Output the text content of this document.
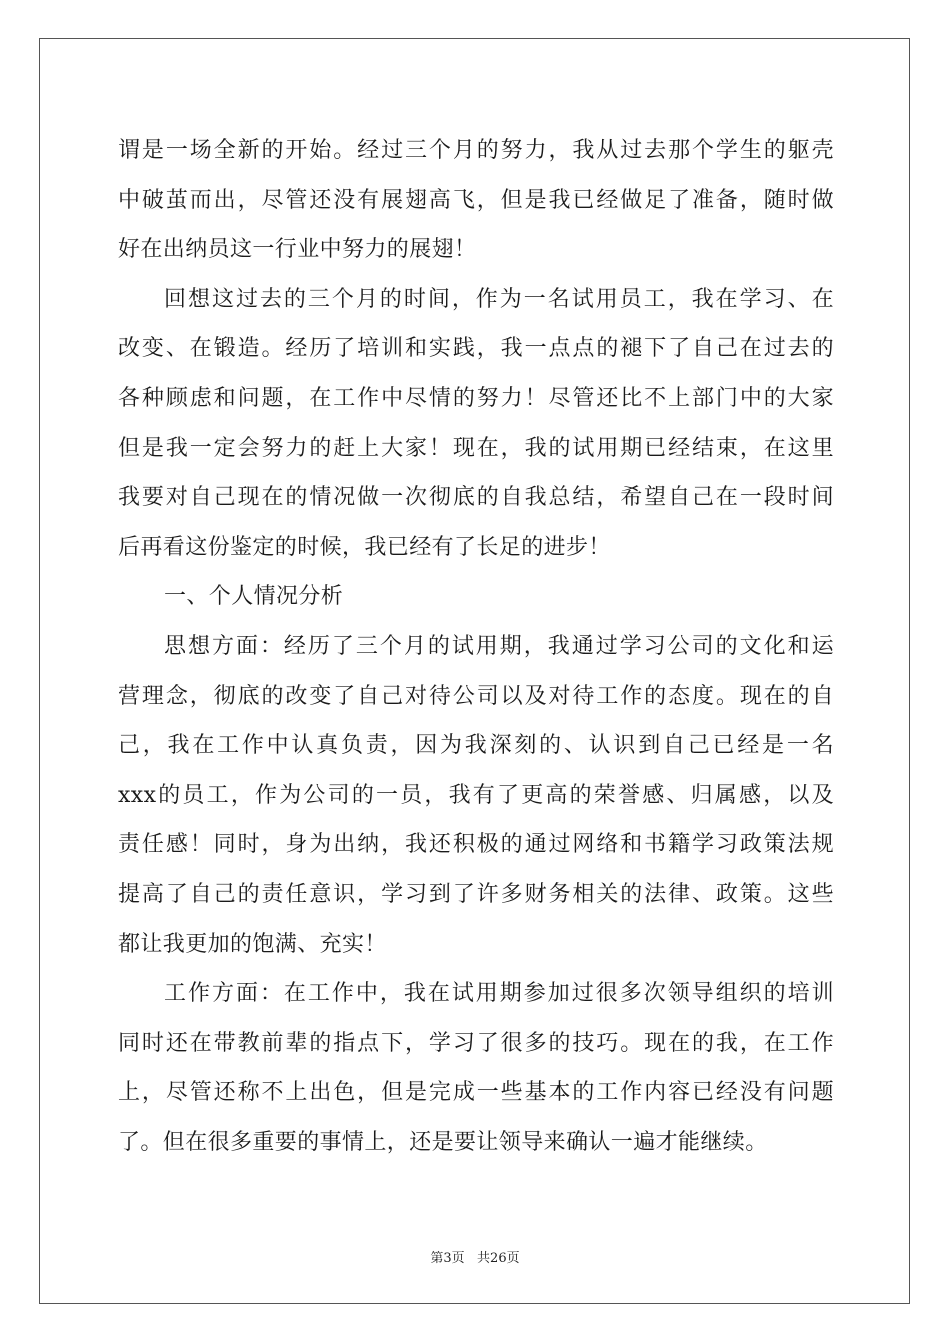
谓是一场全新的开始。经过三个月的努力，我从过去那个学生的躯壳
中破茧而出，尽管还没有展翅高飞，但是我已经做足了准备，随时做
好在出纳员这一行业中努力的展翅！
回想这过去的三个月的时间，作为一名试用员工，我在学习、在
改变、在锻造。经历了培训和实践，我一点点的褪下了自己在过去的
各种顾虑和问题，在工作中尽情的努力！尽管还比不上部门中的大家
但是我一定会努力的赶上大家！现在，我的试用期已经结束，在这里
我要对自己现在的情况做一次彻底的自我总结，希望自己在一段时间
后再看这份鉴定的时候，我已经有了长足的进步！
一、个人情况分析
思想方面：经历了三个月的试用期，我通过学习公司的文化和运
营理念，彻底的改变了自己对待公司以及对待工作的态度。现在的自
己，我在工作中认真负责，因为我深刻的、认识到自己已经是一名
xxx的员工，作为公司的一员，我有了更高的荣誉感、归属感，以及
责任感！同时，身为出纳，我还积极的通过网络和书籍学习政策法规
提高了自己的责任意识，学习到了许多财务相关的法律、政策。这些
都让我更加的饱满、充实！
工作方面：在工作中，我在试用期参加过很多次领导组织的培训
同时还在带教前辈的指点下，学习了很多的技巧。现在的我，在工作
上，尽管还称不上出色，但是完成一些基本的工作内容已经没有问题
了。但在很多重要的事情上，还是要让领导来确认一遍才能继续。
第3页   共26页
